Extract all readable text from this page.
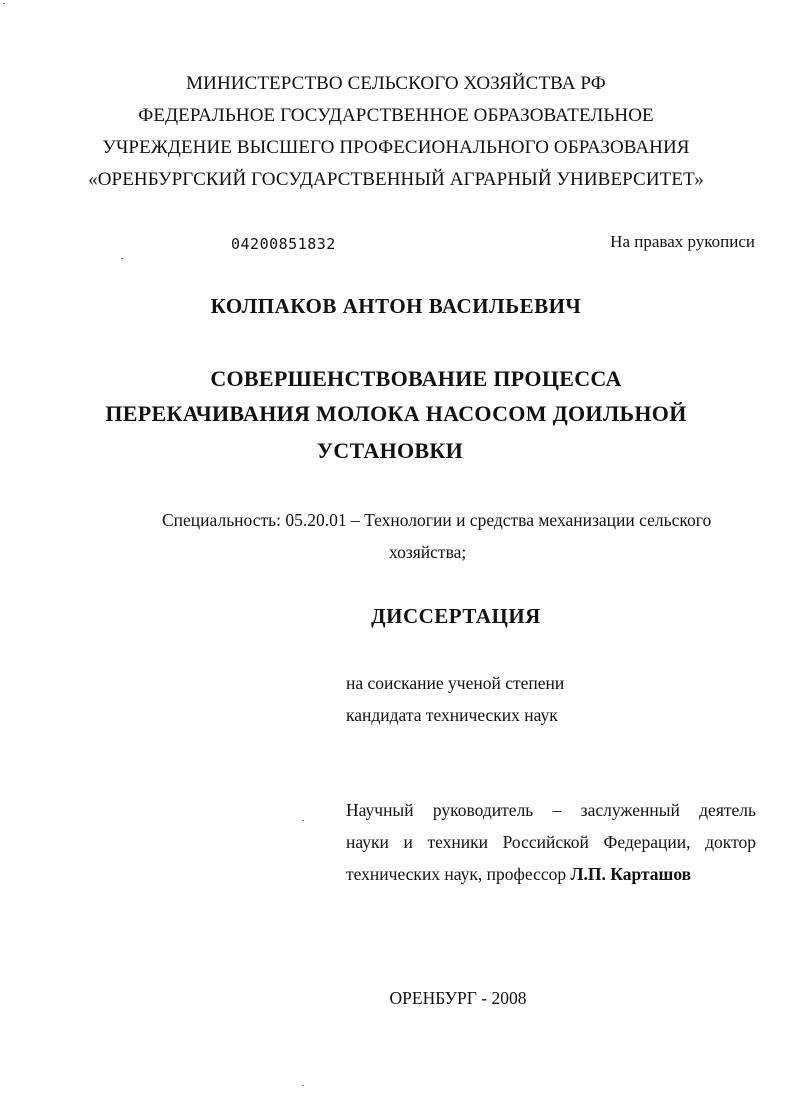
МИНИСТЕРСТВО СЕЛЬСКОГО ХОЗЯЙСТВА РФ
ФЕДЕРАЛЬНОЕ ГОСУДАРСТВЕННОЕ ОБРАЗОВАТЕЛЬНОЕ
УЧРЕЖДЕНИЕ ВЫСШЕГО ПРОФЕСИОНАЛЬНОГО ОБРАЗОВАНИЯ
«ОРЕНБУРГСКИЙ ГОСУДАРСТВЕННЫЙ АГРАРНЫЙ УНИВЕРСИТЕТ»
04200851832	На правах рукописи
КОЛПАКОВ АНТОН ВАСИЛЬЕВИЧ
СОВЕРШЕНСТВОВАНИЕ ПРОЦЕССА
ПЕРЕКАЧИВАНИЯ МОЛОКА НАСОСОМ ДОИЛЬНОЙ
УСТАНОВКИ
Специальность: 05.20.01 – Технологии и средства механизации сельского
хозяйства;
ДИССЕРТАЦИЯ
на соискание ученой степени
кандидата технических наук
Научный руководитель – заслуженный деятель
науки и техники Российской Федерации, доктор
технических наук, профессор Л.П. Карташов
ОРЕНБУРГ - 2008
